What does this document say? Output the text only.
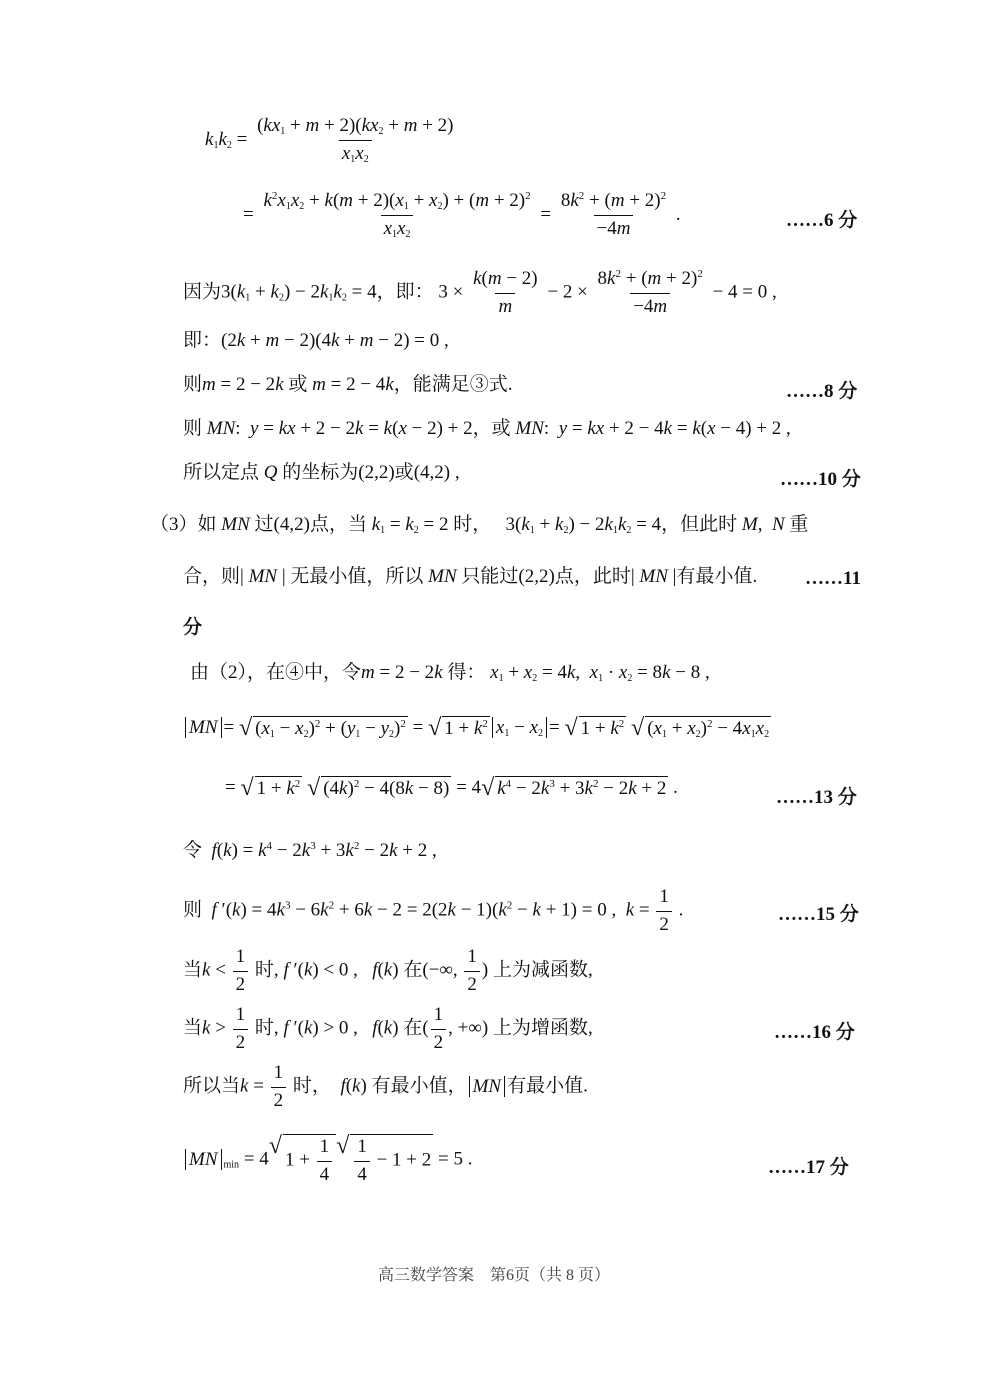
$k_1k_2 = \frac{(kx_1 + m + 2)(kx_2 + m + 2)}{x_1x_2}$
= $\frac{k^2x_1x_2 + k(m + 2)(x_1 + x_2) + (m + 2)^2}{x_1x_2} = \frac{8k^2 + (m + 2)^2}{-4m}$ .	……6 分
因为$3(k_1 + k_2) - 2k_1k_2 = 4$，即： $3 \times \frac{k(m - 2)}{m} - 2 \times \frac{8k^2 + (m + 2)^2}{-4m} - 4 = 0$ ,
即：(2k + m − 2)(4k + m − 2) = 0 ,
则m = 2 − 2k 或 m = 2 − 4k，能满足③式.	……8 分
则 MN:  y = kx + 2 − 2k = k(x − 2) + 2，或 MN:  y = kx + 2 − 4k = k(x − 4) + 2 ,
所以定点 Q 的坐标为(2,2)或(4,2) ,	……10 分
（3）如 MN 过(4,2)点，当 $k_1 = k_2 = 2$ 时，   $3(k_1 + k_2) - 2k_1k_2 = 4$，但此时 M,  N 重
合，则| MN | 无最小值，所以 MN 只能过(2,2)点，此时| MN |有最小值.	……11
分
由（2），在④中，令m = 2 − 2k 得： $x_1 + x_2 = 4k$,  $x_1 \cdot x_2 = 8k - 8$ ,
MN = √ $(x_1 - x_2)^2 + (y_1 - y_2)^2$ = √ $1 + k^2$ $x_1 - x_2$ = √ $1 + k^2$
√ $(x_1 + x_2)^2 - 4x_1x_2$
= √ $1 + k^2$
√ $(4k)^2 - 4(8k - 8) = 4$ √ $k^4 - 2k^3 + 3k^2 - 2k + 2$ .	……13 分
令 $f(k) = k^4 - 2k^3 + 3k^2 - 2k + 2$ ,
则 f $'(k) = 4k^3 - 6k^2 + 6k - 2 = 2(2k - 1)(k^2 - k + 1) = 0$ ,  $k = \frac{1}{2}$ .	……15 分
当$k < \frac{1}{2}$ 时, f ′(k) < 0 ,   f(k) 在(−∞, $\frac{1}{2}$ ) 上为减函数,
当$k > \frac{1}{2}$ 时, f ′(k) > 0 ,   f(k) 在( $\frac{1}{2}$ , +∞) 上为增函数,	……16 分
所以当$k = \frac{1}{2}$ 时， f(k) 有最小值， MN 有最小值.
MN $_{min}$ = 4
√
$1 + \frac{1}{4}$ √ $\frac{1}{4} - 1 + 2 = 5$ .	……17 分
高三数学答案　第6页（共 8 页）
